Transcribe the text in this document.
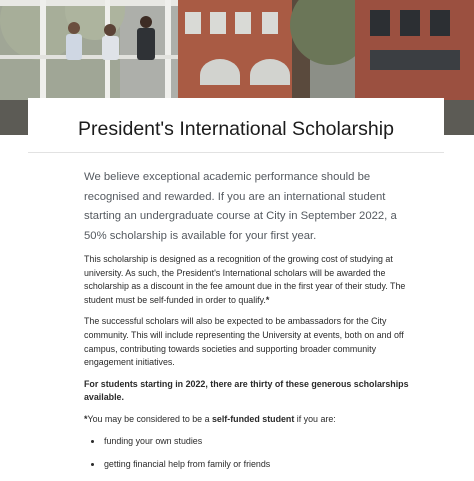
President's International Scholarship

We believe exceptional academic performance should be recognised and rewarded. If you are an international student starting an undergraduate course at City in September 2022, a 50% scholarship is available for your first year.

This scholarship is designed as a recognition of the growing cost of studying at university. As such, the President's International scholars will be awarded the scholarship as a discount in the fee amount due in the first year of their study. The student must be self-funded in order to qualify.*

The successful scholars will also be expected to be ambassadors for the City community. This will include representing the University at events, both on and off campus, contributing towards societies and supporting broader community engagement initiatives.

For students starting in 2022, there are thirty of these generous scholarships available.

*You may be considered to be a self-funded student if you are:

funding your own studies
getting financial help from family or friends
